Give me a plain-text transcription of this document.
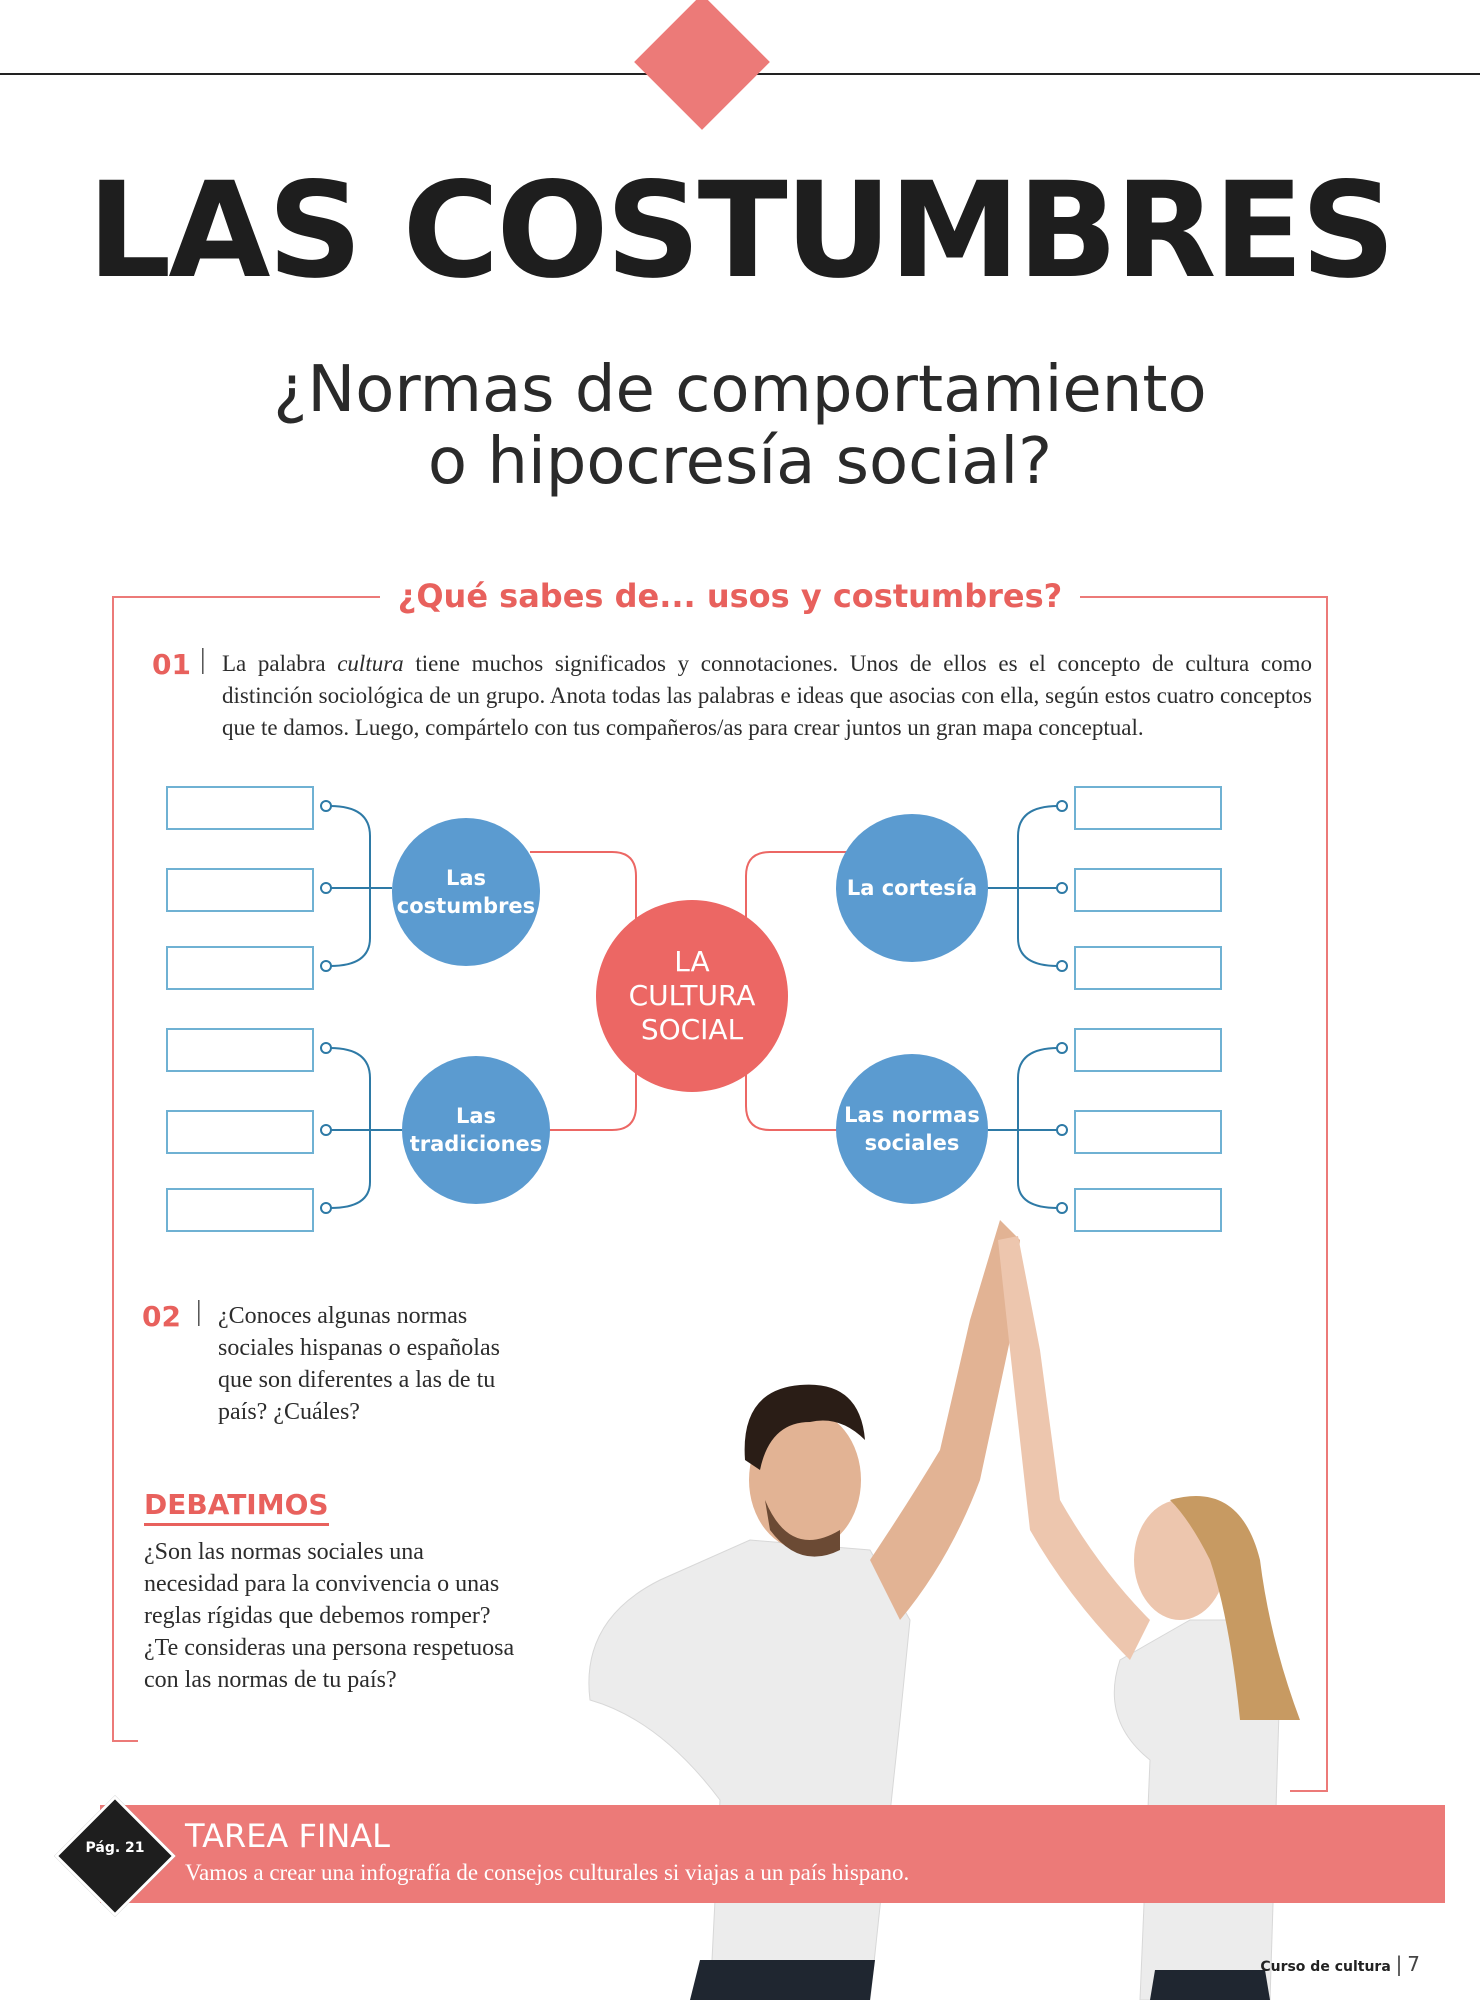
LAS COSTUMBRES
¿Normas de comportamiento
o hipocresía social?
¿Qué sabes de... usos y costumbres?
01 | La palabra cultura tiene muchos significados y connotaciones. Unos de ellos es el concepto de cultura como distinción sociológica de un grupo. Anota todas las palabras e ideas que asocias con ella, según estos cuatro conceptos que te damos. Luego, compártelo con tus compañeros/as para crear juntos un gran mapa conceptual.
Las
costumbres
Las
tradiciones
La cortesía
Las normas
sociales
LA
CULTURA
SOCIAL
02 | ¿Conoces algunas normas
sociales hispanas o españolas
que son diferentes a las de tu
país? ¿Cuáles?
DEBATIMOS
¿Son las normas sociales una
necesidad para la convivencia o unas
reglas rígidas que debemos romper?
¿Te consideras una persona respetuosa
con las normas de tu país?
Pág. 21	TAREA FINAL
Vamos a crear una infografía de consejos culturales si viajas a un país hispano.
Curso de cultura | 7
